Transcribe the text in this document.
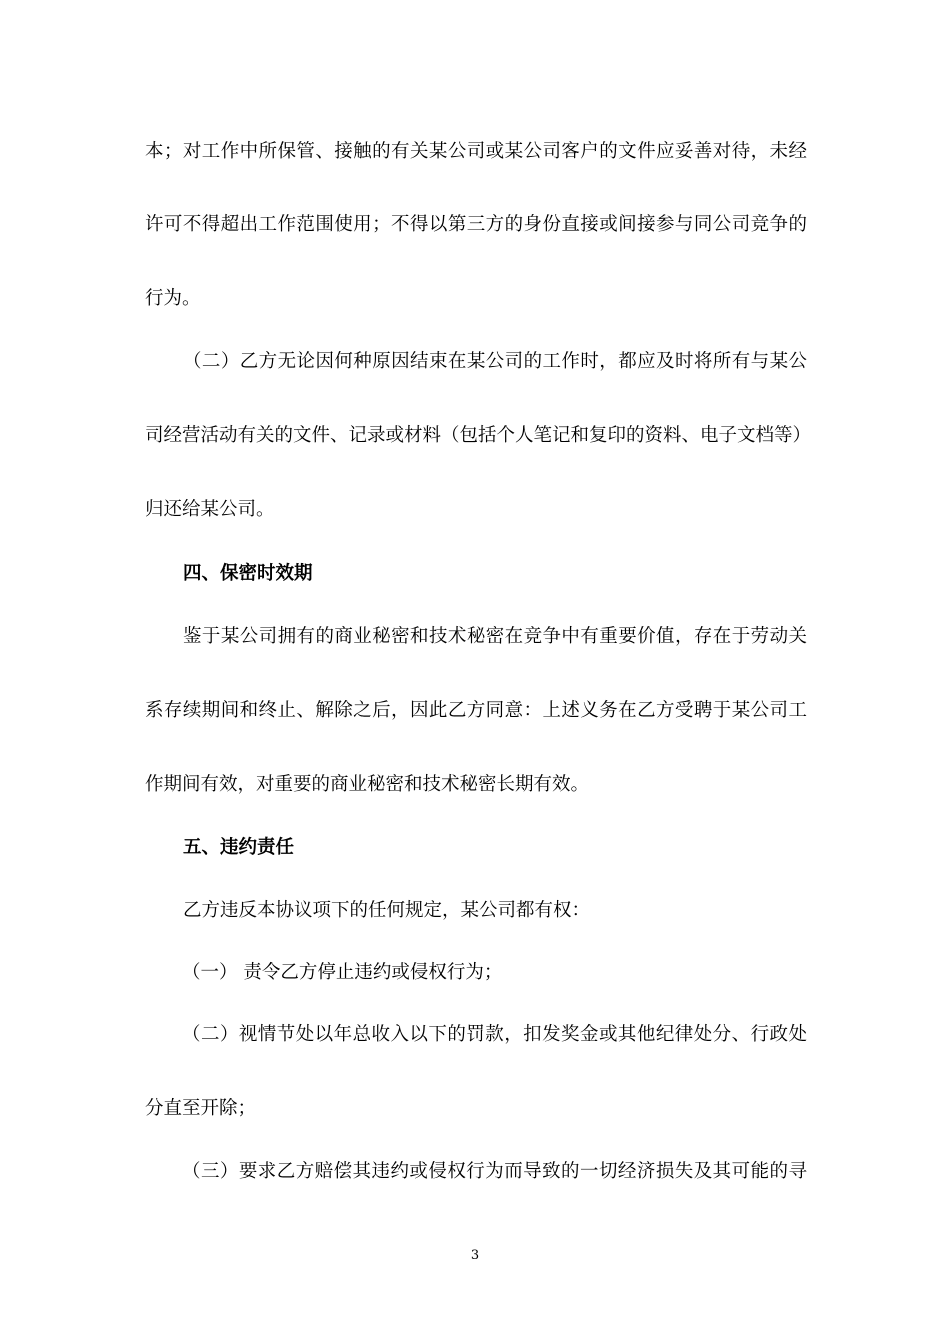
本；对工作中所保管、接触的有关某公司或某公司客户的文件应妥善对待，未经
许可不得超出工作范围使用；不得以第三方的身份直接或间接参与同公司竞争的
行为。
（二）乙方无论因何种原因结束在某公司的工作时，都应及时将所有与某公
司经营活动有关的文件、记录或材料（包括个人笔记和复印的资料、电子文档等）
归还给某公司。
四、保密时效期
鉴于某公司拥有的商业秘密和技术秘密在竞争中有重要价值，存在于劳动关
系存续期间和终止、解除之后，因此乙方同意：上述义务在乙方受聘于某公司工
作期间有效，对重要的商业秘密和技术秘密长期有效。
五、违约责任
乙方违反本协议项下的任何规定，某公司都有权：
（一） 责令乙方停止违约或侵权行为；
（二）视情节处以年总收入以下的罚款，扣发奖金或其他纪律处分、行政处
分直至开除；
（三）要求乙方赔偿其违约或侵权行为而导致的一切经济损失及其可能的寻
3
